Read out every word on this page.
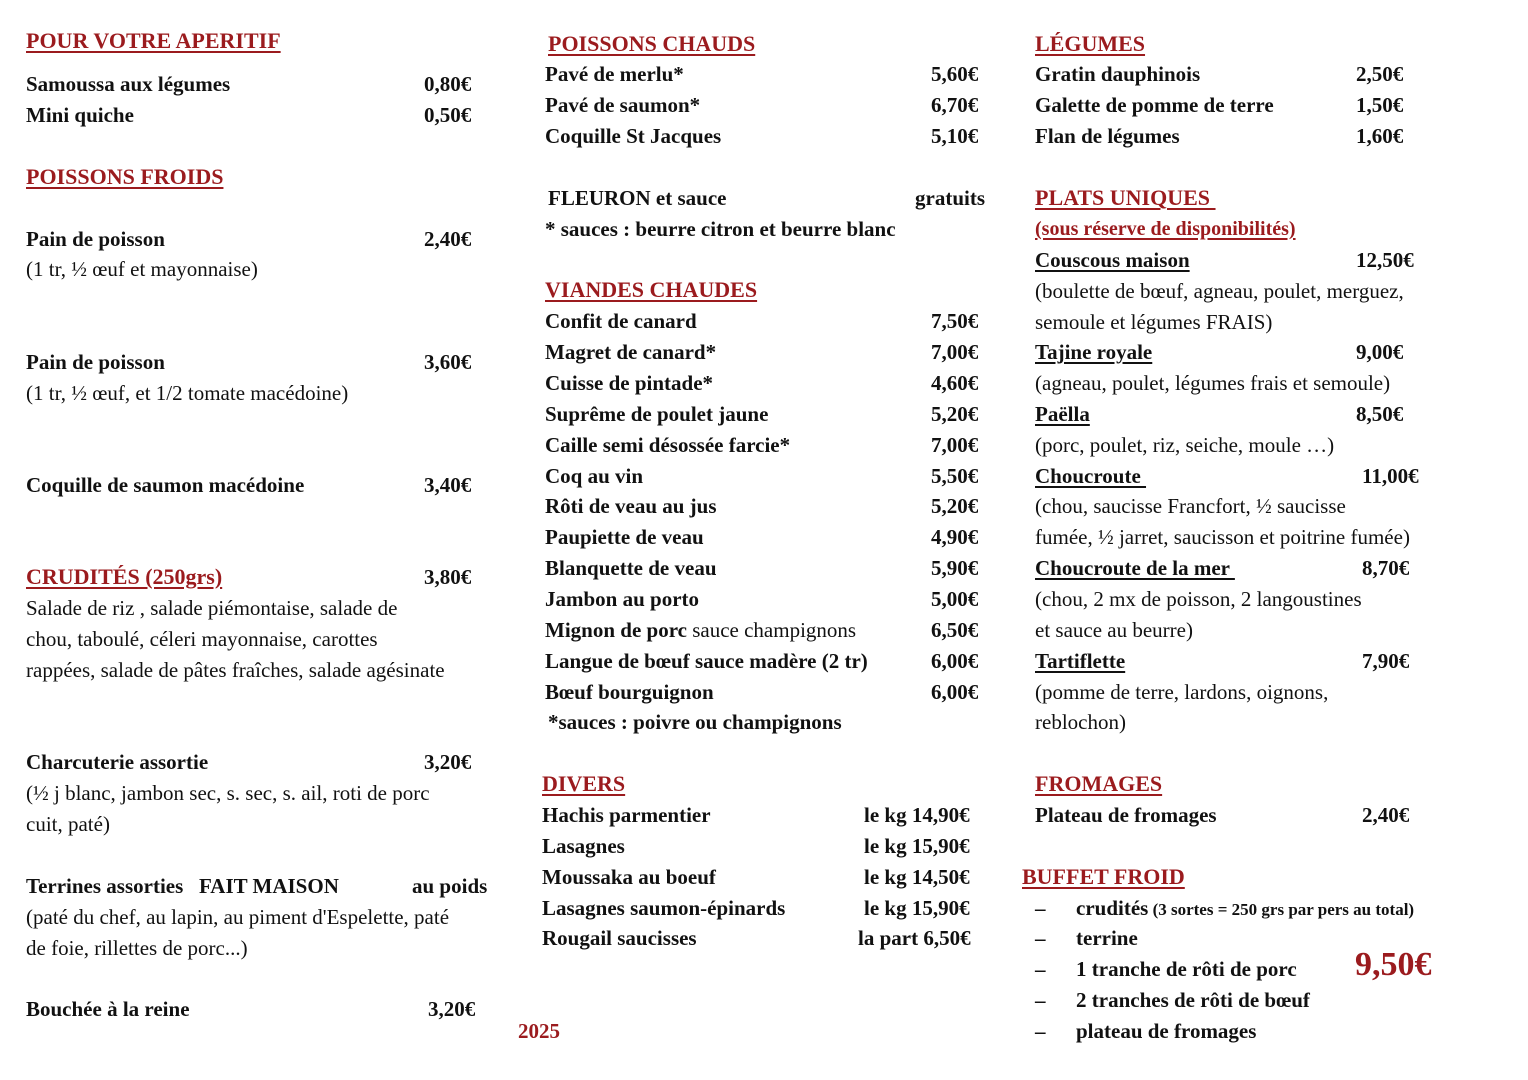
POUR VOTRE APERITIF
Samoussa aux légumes	0,80€
Mini quiche	0,50€
POISSONS FROIDS
Pain de poisson	2,40€
(1 tr, ½ œuf et mayonnaise)
Pain de poisson	3,60€
(1 tr, ½ œuf, et 1/2 tomate macédoine)
Coquille de saumon macédoine	3,40€
CRUDITÉS (250grs)	3,80€
Salade de riz , salade piémontaise, salade de
chou, taboulé, céleri mayonnaise, carottes
rappées, salade de pâtes fraîches, salade agésinate
Charcuterie assortie	3,20€
(½ j blanc, jambon sec, s. sec, s. ail, roti de porc
cuit, paté)
Terrines assorties   FAIT MAISON	au poids
(paté du chef, au lapin, au piment d'Espelette, paté
de foie, rillettes de porc...)
Bouchée à la reine	3,20€
2025
POISSONS CHAUDS
Pavé de merlu*	5,60€
Pavé de saumon*	6,70€
Coquille St Jacques	5,10€
FLEURON et sauce	gratuits
* sauces : beurre citron et beurre blanc
VIANDES CHAUDES
Confit de canard	7,50€
Magret de canard*	7,00€
Cuisse de pintade*	4,60€
Suprême de poulet jaune	5,20€
Caille semi désossée farcie*	7,00€
Coq au vin	5,50€
Rôti de veau au jus	5,20€
Paupiette de veau	4,90€
Blanquette de veau	5,90€
Jambon au porto	5,00€
Mignon de porc sauce champignons	6,50€
Langue de bœuf sauce madère (2 tr)	6,00€
Bœuf bourguignon	6,00€
*sauces : poivre ou champignons
DIVERS
Hachis parmentier	le kg 14,90€
Lasagnes	le kg 15,90€
Moussaka au boeuf	le kg 14,50€
Lasagnes saumon-épinards	le kg 15,90€
Rougail saucisses	la part 6,50€
LÉGUMES
Gratin dauphinois	2,50€
Galette de pomme de terre	1,50€
Flan de légumes	1,60€
PLATS UNIQUES
(sous réserve de disponibilités)
Couscous maison	12,50€
(boulette de bœuf, agneau, poulet, merguez,
semoule et légumes FRAIS)
Tajine royale	9,00€
(agneau, poulet, légumes frais et semoule)
Paëlla	8,50€
(porc, poulet, riz, seiche, moule …)
Choucroute	11,00€
(chou, saucisse Francfort, ½ saucisse
fumée, ½ jarret, saucisson et poitrine fumée)
Choucroute de la mer	8,70€
(chou, 2 mx de poisson, 2 langoustines
et sauce au beurre)
Tartiflette	7,90€
(pomme de terre, lardons, oignons,
reblochon)
FROMAGES
Plateau de fromages	2,40€
BUFFET FROID
– crudités (3 sortes = 250 grs par pers au total)
– terrine
– 1 tranche de rôti de porc
– 2 tranches de rôti de bœuf
– plateau de fromages
9,50€
